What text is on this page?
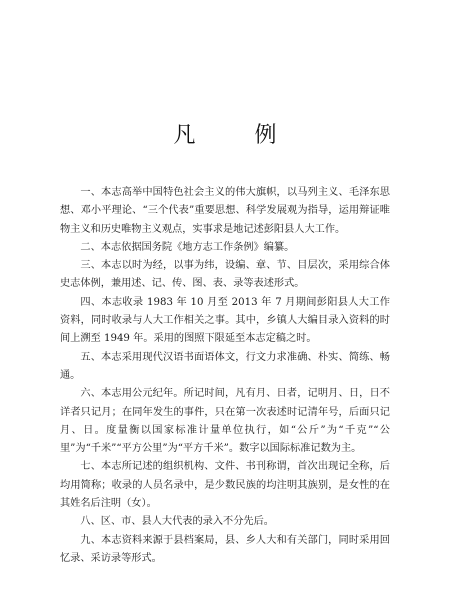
凡 例

一、本志高举中国特色社会主义的伟大旗帜，以马列主义、毛泽东思想、邓小平理论、“三个代表”重要思想、科学发展观为指导，运用辩证唯物主义和历史唯物主义观点，实事求是地记述彭阳县人大工作。

二、本志依据国务院《地方志工作条例》编纂。

三、本志以时为经，以事为纬，设编、章、节、目层次，采用综合体史志体例，兼用述、记、传、图、表、录等表述形式。

四、本志收录 1983 年 10 月至 2013 年 7 月期间彭阳县人大工作资料，同时收录与人大工作相关之事。其中，乡镇人大编目录入资料的时间上溯至 1949 年。采用的图照下限延至本志定稿之时。

五、本志采用现代汉语书面语体文，行文力求准确、朴实、简练、畅通。

六、本志用公元纪年。所记时间，凡有月、日者，记明月、日，日不详者只记月；在同年发生的事件，只在第一次表述时记清年号，后面只记月、日。度量衡以国家标准计量单位执行，如“公斤”为“千克”“公里”为“千米”“平方公里”为“平方千米”。数字以国际标准记数为主。

七、本志所记述的组织机构、文件、书刊称谓，首次出现记全称，后均用简称；收录的人员名录中，是少数民族的均注明其族别，是女性的在其姓名后注明（女）。

八、区、市、县人大代表的录入不分先后。

九、本志资料来源于县档案局，县、乡人大和有关部门，同时采用回忆录、采访录等形式。
